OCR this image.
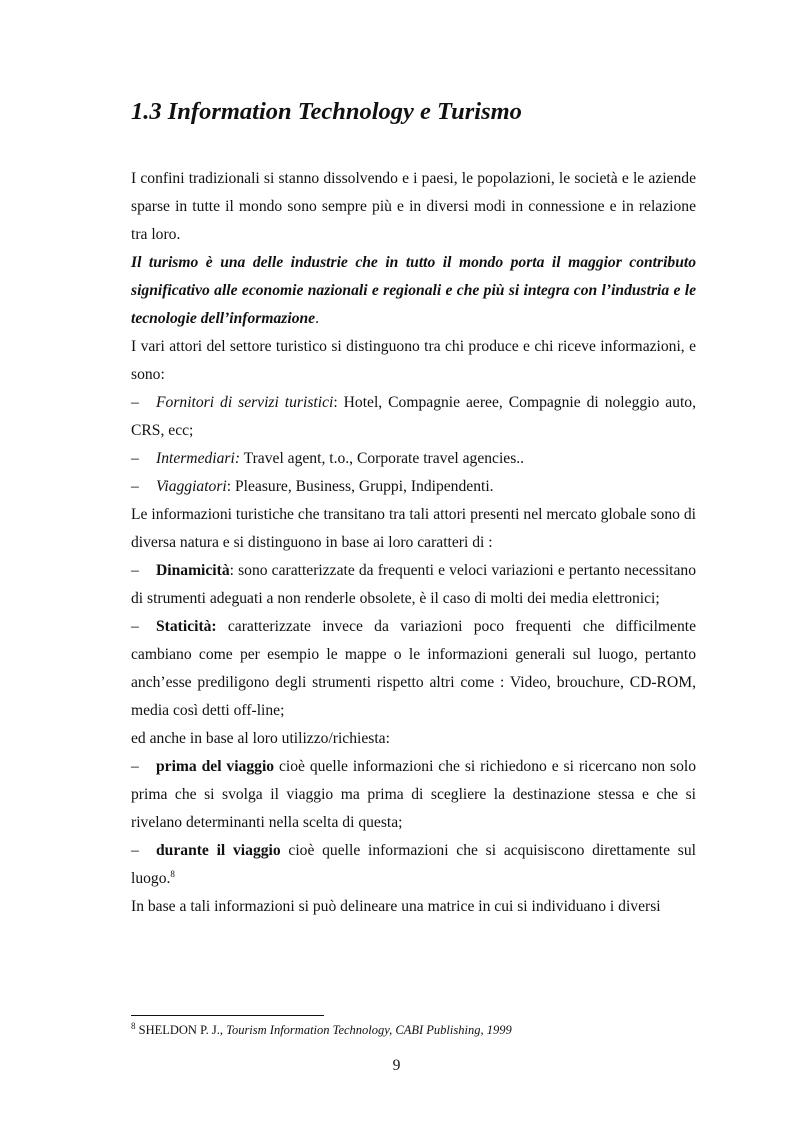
1.3 Information Technology e Turismo

I confini tradizionali si stanno dissolvendo e i paesi, le popolazioni, le società e le aziende sparse in tutte il mondo sono sempre più e in diversi modi in connessione e in relazione tra loro.

Il turismo è una delle industrie che in tutto il mondo porta il maggior contributo significativo alle economie nazionali e regionali e che più si integra con l’industria e le tecnologie dell’informazione.

I vari attori del settore turistico si distinguono tra chi produce e chi riceve informazioni, e sono:

– Fornitori di servizi turistici: Hotel, Compagnie aeree, Compagnie di noleggio auto, CRS, ecc;

– Intermediari: Travel agent, t.o., Corporate travel agencies..

– Viaggiatori: Pleasure, Business, Gruppi, Indipendenti.

Le informazioni turistiche che transitano tra tali attori presenti nel mercato globale sono di diversa natura e si distinguono in base ai loro caratteri di :

– Dinamicità: sono caratterizzate da frequenti e veloci variazioni e pertanto necessitano di strumenti adeguati a non renderle obsolete, è il caso di molti dei media elettronici;

– Staticità: caratterizzate invece da variazioni poco frequenti che difficilmente cambiano come per esempio le mappe o le informazioni generali sul luogo, pertanto anch’esse prediligono degli strumenti rispetto altri come : Video, brouchure, CD-ROM, media così detti off-line;

ed anche in base al loro utilizzo/richiesta:

– prima del viaggio cioè quelle informazioni che si richiedono e si ricercano non solo prima che si svolga il viaggio ma prima di scegliere la destinazione stessa e che si rivelano determinanti nella scelta di questa;

– durante il viaggio cioè quelle informazioni che si acquisiscono direttamente sul luogo.$^8$

In base a tali informazioni si può delineare una matrice in cui si individuano i diversi

$^8$ SHELDON P. J., Tourism Information Technology, CABI Publishing, 1999
9
